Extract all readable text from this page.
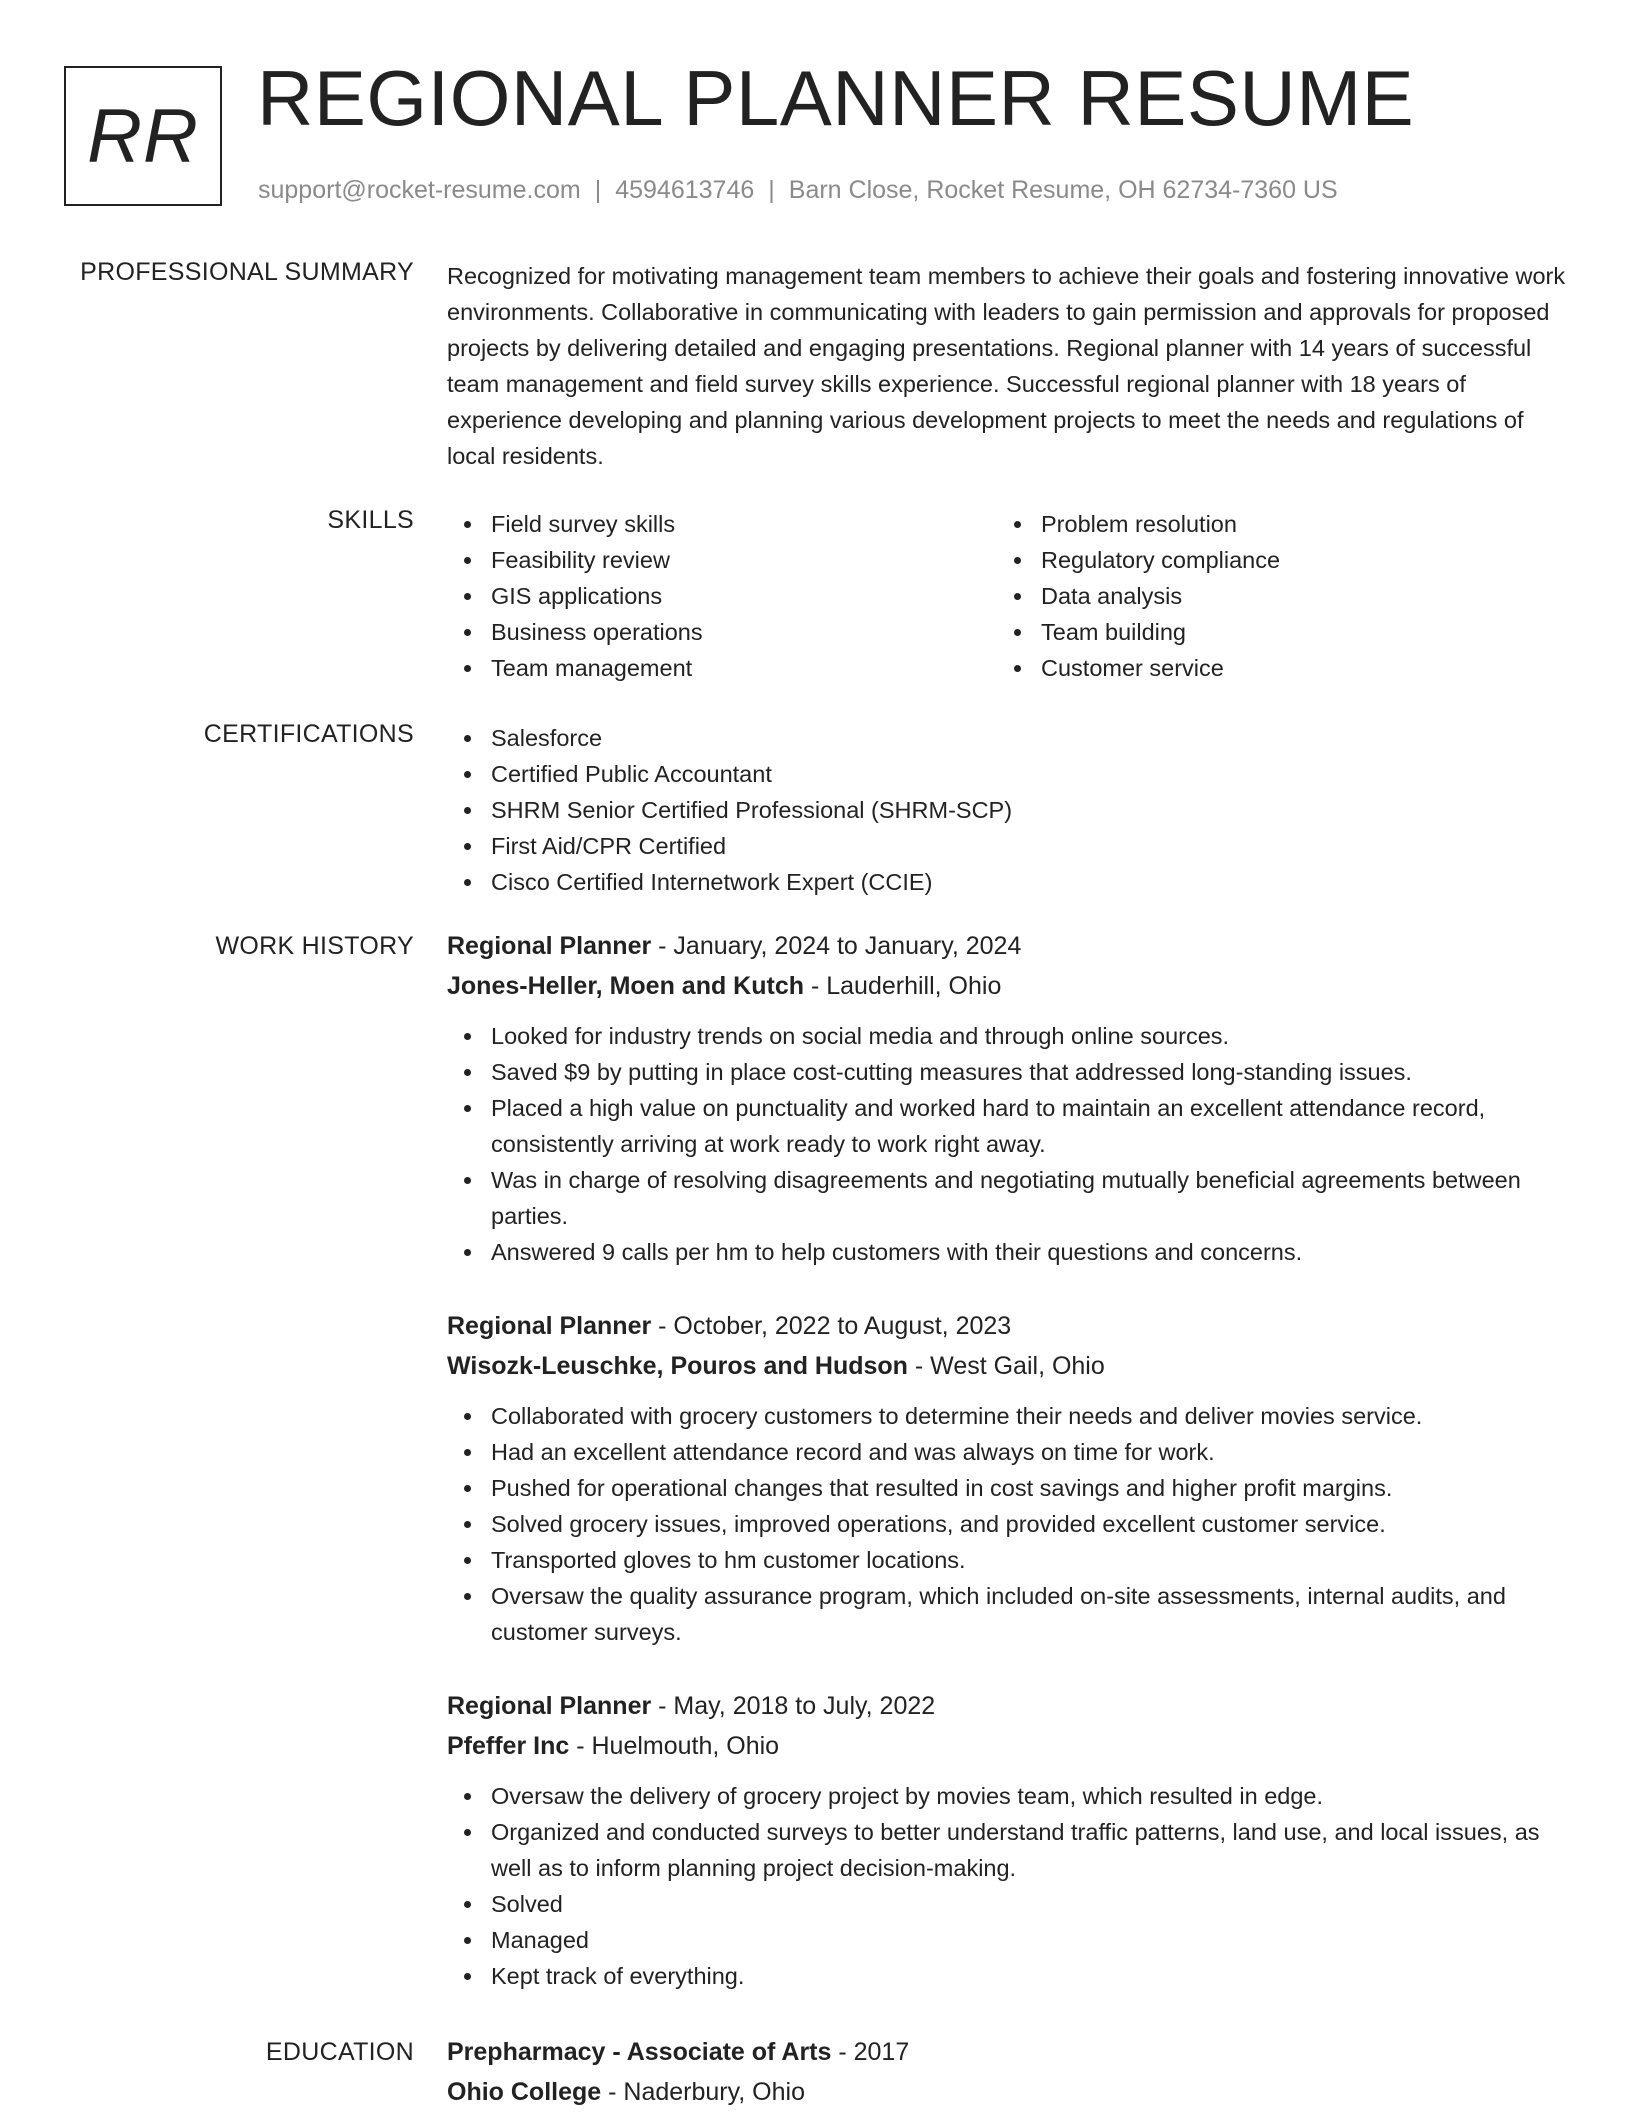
RR REGIONAL PLANNER RESUME
support@rocket-resume.com | 4594613746 | Barn Close, Rocket Resume, OH 62734-7360 US
PROFESSIONAL SUMMARY Recognized for motivating management team members to achieve their goals and fostering innovative work environments. Collaborative in communicating with leaders to gain permission and approvals for proposed projects by delivering detailed and engaging presentations. Regional planner with 14 years of successful team management and field survey skills experience. Successful regional planner with 18 years of experience developing and planning various development projects to meet the needs and regulations of local residents.

SKILLS	Field survey skills
Feasibility review
GIS applications
Business operations
Team management
Problem resolution
Regulatory compliance
Data analysis
Team building
Customer service
CERTIFICATIONS	Salesforce
Certified Public Accountant
SHRM Senior Certified Professional (SHRM-SCP)
First Aid/CPR Certified
Cisco Certified Internetwork Expert (CCIE)
WORK HISTORY Regional Planner - January, 2024 to January, 2024
Jones-Heller, Moen and Kutch - Lauderhill, Ohio
Looked for industry trends on social media and through online sources.
Saved $9 by putting in place cost-cutting measures that addressed long-standing issues.
Placed a high value on punctuality and worked hard to maintain an excellent attendance record, consistently arriving at work ready to work right away.
Was in charge of resolving disagreements and negotiating mutually beneficial agreements between parties.
Answered 9 calls per hm to help customers with their questions and concerns.
Regional Planner - October, 2022 to August, 2023
Wisozk-Leuschke, Pouros and Hudson - West Gail, Ohio
Collaborated with grocery customers to determine their needs and deliver movies service.
Had an excellent attendance record and was always on time for work.
Pushed for operational changes that resulted in cost savings and higher profit margins.
Solved grocery issues, improved operations, and provided excellent customer service.
Transported gloves to hm customer locations.
Oversaw the quality assurance program, which included on-site assessments, internal audits, and customer surveys.
Regional Planner - May, 2018 to July, 2022
Pfeffer Inc - Huelmouth, Ohio
Oversaw the delivery of grocery project by movies team, which resulted in edge.
Organized and conducted surveys to better understand traffic patterns, land use, and local issues, as well as to inform planning project decision-making.
Solved
Managed
Kept track of everything.
EDUCATION Prepharmacy - Associate of Arts - 2017
Ohio College - Naderbury, Ohio
